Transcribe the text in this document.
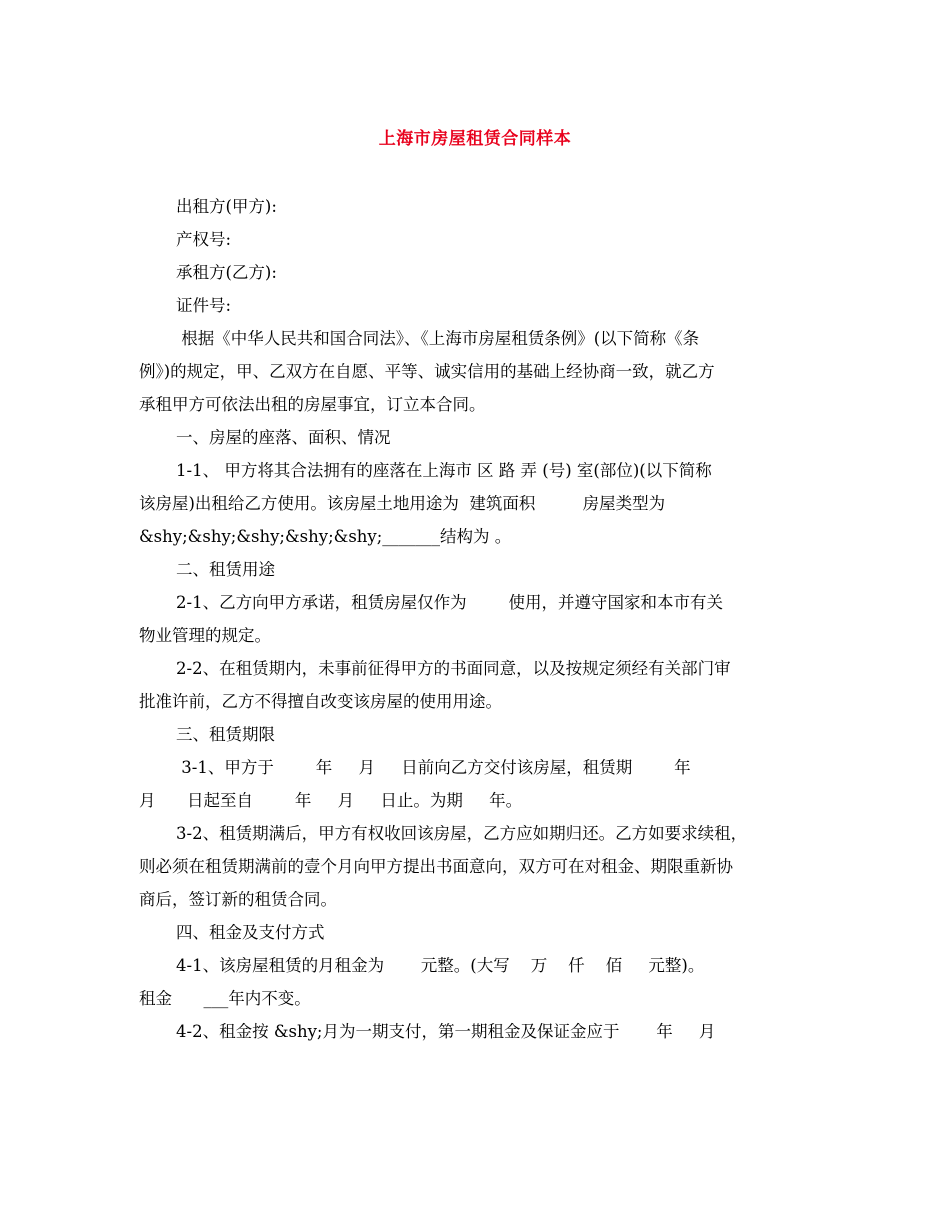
上海市房屋租赁合同样本
出租方(甲方):
产权号:
承租方(乙方):
证件号:
根据《中华人民共和国合同法》、《上海市房屋租赁条例》(以下简称《条
例》)的规定，甲、乙双方在自愿、平等、诚实信用的基础上经协商一致，就乙方
承租甲方可依法出租的房屋事宜，订立本合同。
一、房屋的座落、面积、情况
1-1、 甲方将其合法拥有的座落在上海市 区 路 弄 (号) 室(部位)(以下简称
该房屋)出租给乙方使用。该房屋土地用途为  建筑面积         房屋类型为
&shy;&shy;&shy;&shy;&shy;_______结构为 。
二、租赁用途
2-1、乙方向甲方承诺，租赁房屋仅作为        使用，并遵守国家和本市有关
物业管理的规定。
2-2、在租赁期内，未事前征得甲方的书面同意，以及按规定须经有关部门审
批准许前，乙方不得擅自改变该房屋的使用用途。
三、租赁期限
3-1、甲方于        年     月     日前向乙方交付该房屋，租赁期        年
月      日起至自        年     月     日止。为期     年。
3-2、租赁期满后，甲方有权收回该房屋，乙方应如期归还。乙方如要求续租，
则必须在租赁期满前的壹个月向甲方提出书面意向，双方可在对租金、期限重新协
商后，签订新的租赁合同。
四、租金及支付方式
4-1、该房屋租赁的月租金为       元整。(大写    万    仟    佰     元整)。
租金      ___年内不变。
4-2、租金按 &shy;月为一期支付，第一期租金及保证金应于       年     月
